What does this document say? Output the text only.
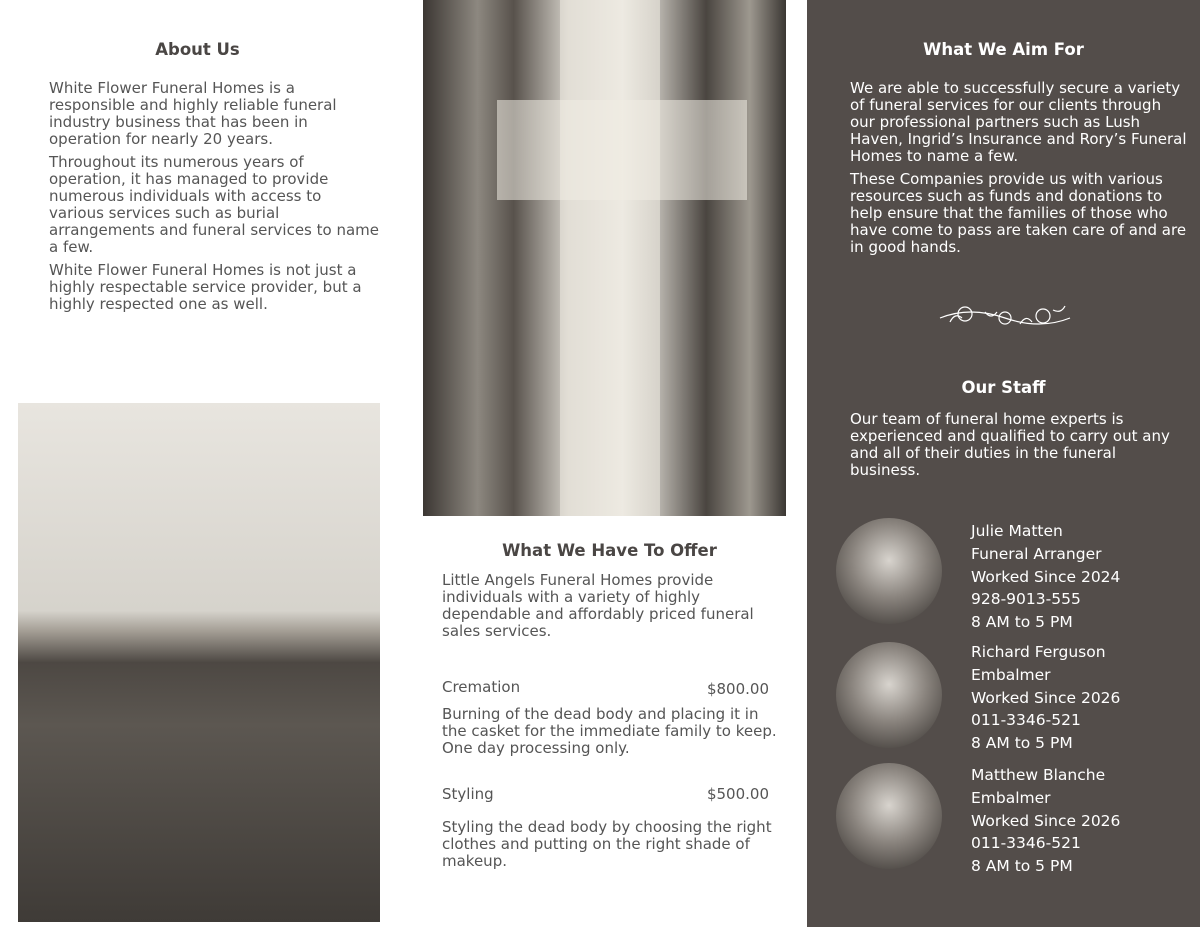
About Us

White Flower Funeral Homes is a responsible and highly reliable funeral industry business that has been in operation for nearly 20 years.

Throughout its numerous years of operation, it has managed to provide numerous individuals with access to various services such as burial arrangements and funeral services to name a few.

White Flower Funeral Homes is not just a highly respectable service provider, but a highly respected one as well.

What We Have To Offer

Little Angels Funeral Homes provide individuals with a variety of highly dependable and affordably priced funeral sales services.

Cremation	$800.00

Burning of the dead body and placing it in the casket for the immediate family to keep. One day processing only.

Styling	$500.00

Styling the dead body by choosing the right clothes and putting on the right shade of makeup.

What We Aim For

We are able to successfully secure a variety of funeral services for our clients through our professional partners such as Lush Haven, Ingrid’s Insurance and Rory’s Funeral Homes to name a few.

These Companies provide us with various resources such as funds and donations to help ensure that the families of those who have come to pass are taken care of and are in good hands.

Our Staff

Our team of funeral home experts is experienced and qualified to carry out any and all of their duties in the funeral business.

Julie Matten
Funeral Arranger
Worked Since 2024
928-9013-555
8 AM to 5 PM
Richard Ferguson
Embalmer
Worked Since 2026
011-3346-521
8 AM to 5 PM
Matthew Blanche
Embalmer
Worked Since 2026
011-3346-521
8 AM to 5 PM
